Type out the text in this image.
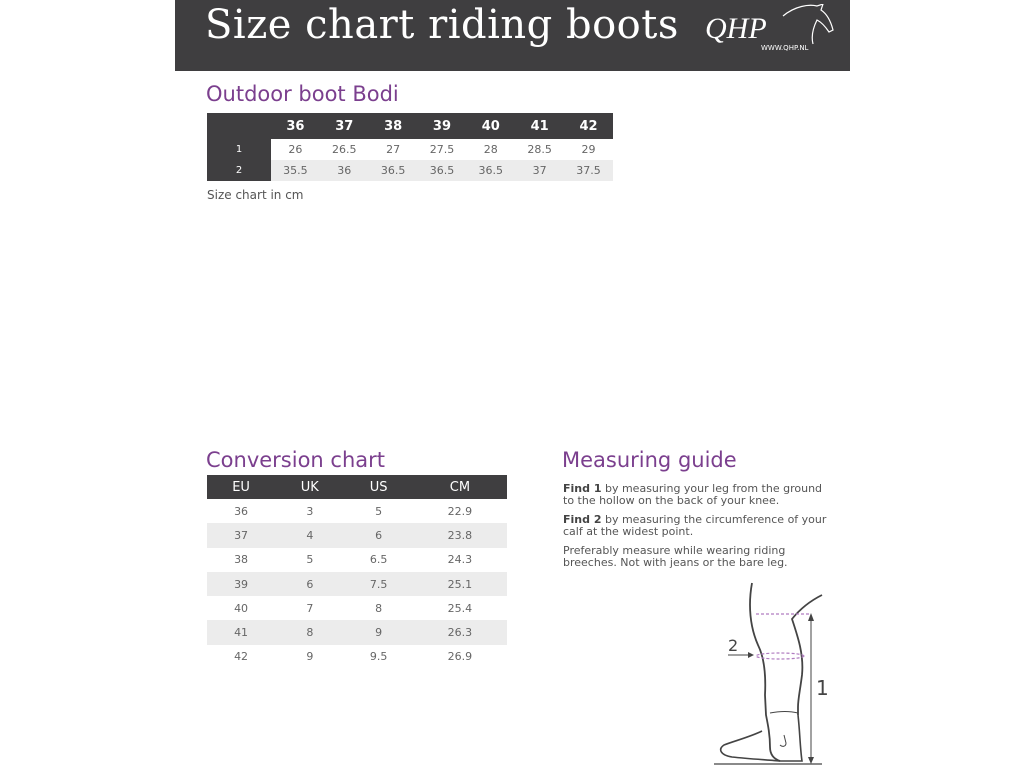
Size chart riding boots QHP
WWW.QHP.NL
Outdoor boot Bodi
	36	37	38	39	40	41	42
1	26	26.5	27	27.5	28	28.5	29
2	35.5	36	36.5	36.5	36.5	37	37.5
Size chart in cm
Conversion chart
EU	UK	US	CM
36	3	5	22.9
37	4	6	23.8
38	5	6.5	24.3
39	6	7.5	25.1
40	7	8	25.4
41	8	9	26.3
42	9	9.5	26.9
Measuring guide

Find 1 by measuring your leg from the ground to the hollow on the back of your knee.

Find 2 by measuring the circumference of your calf at the widest point.

Preferably measure while wearing riding breeches. Not with jeans or the bare leg.

1
2
